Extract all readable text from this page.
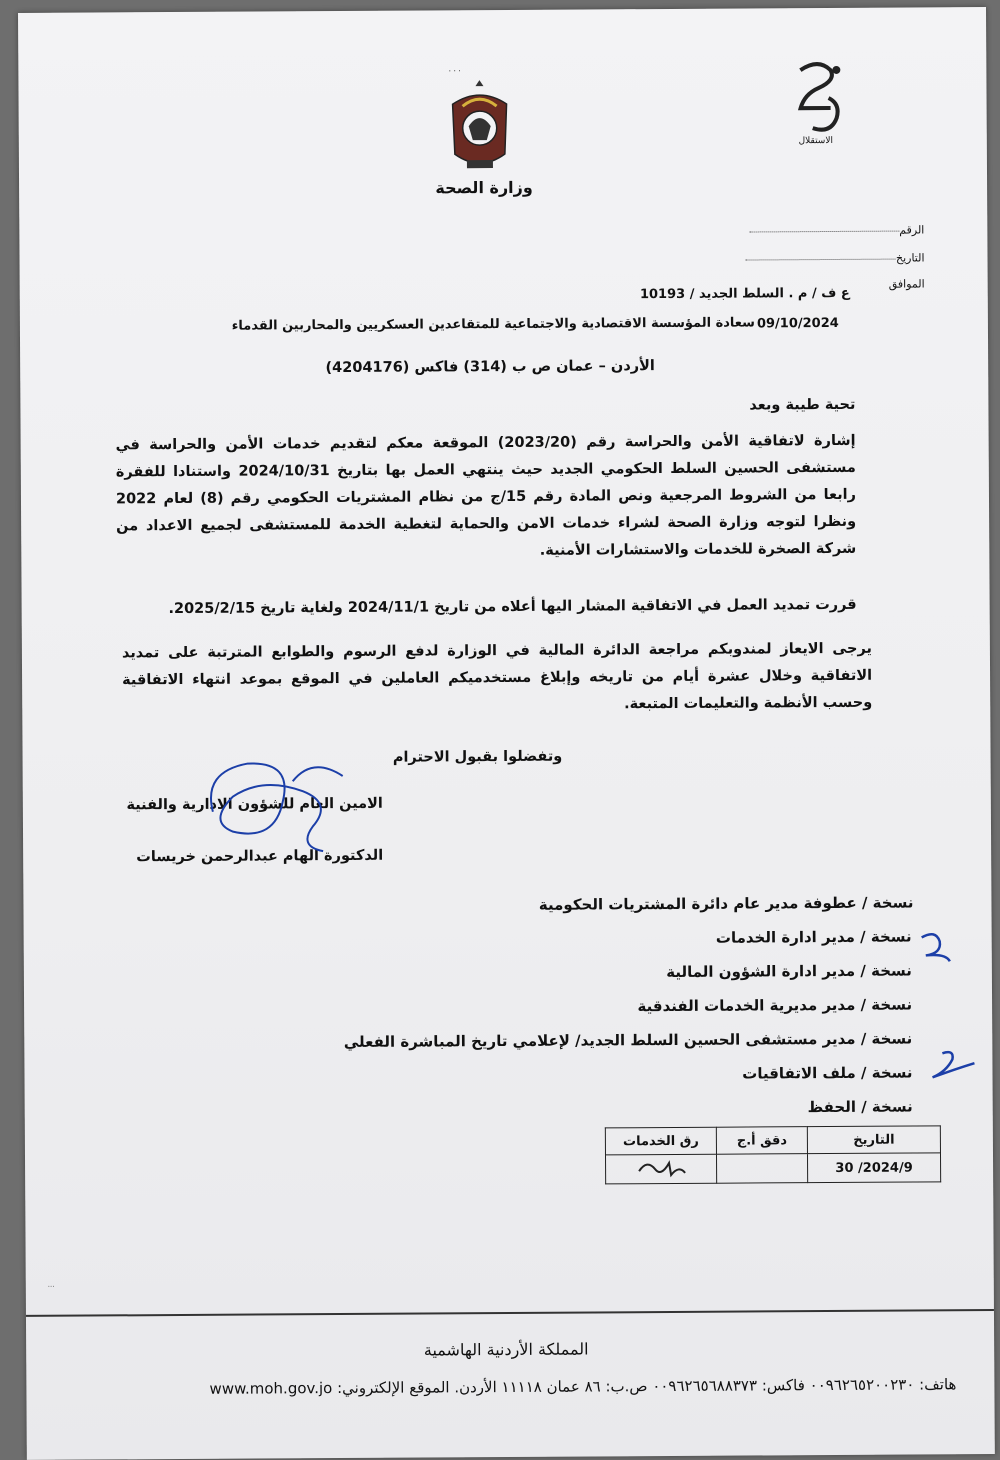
...
وزارة الصحة
الاستقلال
الرقم
التاريخ
الموافق
ع ف / م . السلط الجديد / 10193
09/10/2024
سعادة المؤسسة الاقتصادية والاجتماعية للمتقاعدين العسكريين والمحاربين القدماء
الأردن – عمان ص ب (314) فاكس (4204176)
تحية طيبة وبعد
إشارة لاتفاقية الأمن والحراسة رقم (2023/20) الموقعة معكم لتقديم خدمات الأمن والحراسة في مستشفى الحسين السلط الحكومي الجديد حيث ينتهي العمل بها بتاريخ 2024/10/31 واستنادا للفقرة رابعا من الشروط المرجعية ونص المادة رقم 15/ج من نظام المشتريات الحكومي رقم (8) لعام 2022 ونظرا لتوجه وزارة الصحة لشراء خدمات الامن والحماية لتغطية الخدمة للمستشفى لجميع الاعداد من شركة الصخرة للخدمات والاستشارات الأمنية.
قررت تمديد العمل في الاتفاقية المشار اليها أعلاه من تاريخ 2024/11/1 ولغاية تاريخ 2025/2/15.
يرجى الايعاز لمندوبكم مراجعة الدائرة المالية في الوزارة لدفع الرسوم والطوابع المترتبة على تمديد الاتفاقية وخلال عشرة أيام من تاريخه وإبلاغ مستخدميكم العاملين في الموقع بموعد انتهاء الاتفاقية وحسب الأنظمة والتعليمات المتبعة.
وتفضلوا بقبول الاحترام
الامين العام للشؤون الادارية والفنية
الدكتورة الهام عبدالرحمن خريسات
نسخة / عطوفة مدير عام دائرة المشتريات الحكومية
نسخة / مدير ادارة الخدمات
نسخة / مدير ادارة الشؤون المالية
نسخة / مدير مديرية الخدمات الفندقية
نسخة / مدير مستشفى الحسين السلط الجديد/ لإعلامي تاريخ المباشرة الفعلي
نسخة / ملف الاتفاقيات
نسخة / الحفظ
التاريخ	دقق أ.ج	رق الخدمات
2024/9/ 30		
...
المملكة الأردنية الهاشمية
هاتف: ٠٠٩٦٢٦٥٢٠٠٢٣٠ فاكس: ٠٠٩٦٢٦٥٦٨٨٣٧٣ ص.ب: ٨٦ عمان ١١١١٨ الأردن. الموقع الإلكتروني: www.moh.gov.jo
